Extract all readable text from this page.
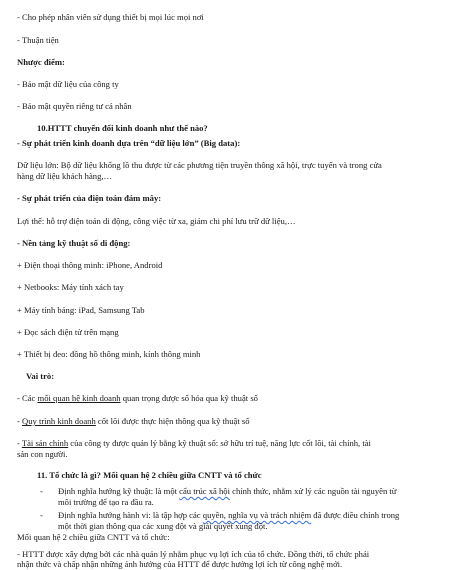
- Cho phép nhân viên sử dụng thiết bị mọi lúc mọi nơi
- Thuận tiện
Nhược điểm:
- Bảo mật dữ liệu của công ty
- Bảo mật quyền riêng tư cá nhân
10.HTTT chuyển đổi kinh doanh như thế nào?
- Sự phát triển kinh doanh dựa trên “dữ liệu lớn” (Big data):
Dữ liệu lớn: Bộ dữ liệu khổng lồ thu được từ các phương tiện truyền thông xã hội, trực tuyến và trong cửa
hàng dữ liệu khách hàng,…
- Sự phát triển của điện toán đám mây:
Lợi thế: hỗ trợ điện toán di động, công việc từ xa, giảm chi phí lưu trữ dữ liệu,…
- Nền tảng kỹ thuật số di động:
+ Điện thoại thông minh: iPhone, Android
+ Netbooks: Máy tính xách tay
+ Máy tính bảng: iPad, Samsung Tab
+ Đọc sách điện tử trên mạng
+ Thiết bị đeo: đồng hồ thông minh, kính thông minh
Vai trò:
- Các mối quan hệ kinh doanh quan trọng được số hóa qua kỹ thuật số
- Quy trình kinh doanh cốt lõi được thực hiện thông qua kỹ thuật số
- Tài sản chính của công ty được quản lý bằng kỹ thuật số: sở hữu trí tuệ, năng lực cốt lõi, tài chính, tài
sản con người.
11. Tổ chức là gì? Mối quan hệ 2 chiều giữa CNTT và tổ chức
- Định nghĩa hướng kỹ thuật: là một cấu trúc xã hội chính thức, nhằm xử lý các nguồn tài nguyên từ
môi trường để tạo ra đầu ra.
- Định nghĩa hướng hành vi: là tập hợp các quyền, nghĩa vụ và trách nhiệm đã được điều chỉnh trong
một thời gian thông qua các xung đột và giải quyết xung đột.
Mối quan hệ 2 chiều giữa CNTT và tổ chức:
- HTTT được xây dựng bởi các nhà quản lý nhằm phục vụ lợi ích của tổ chức. Đồng thời, tổ chức phải
nhận thức và chấp nhận những ảnh hưởng của HTTT để được hưởng lợi ích từ công nghệ mới.
